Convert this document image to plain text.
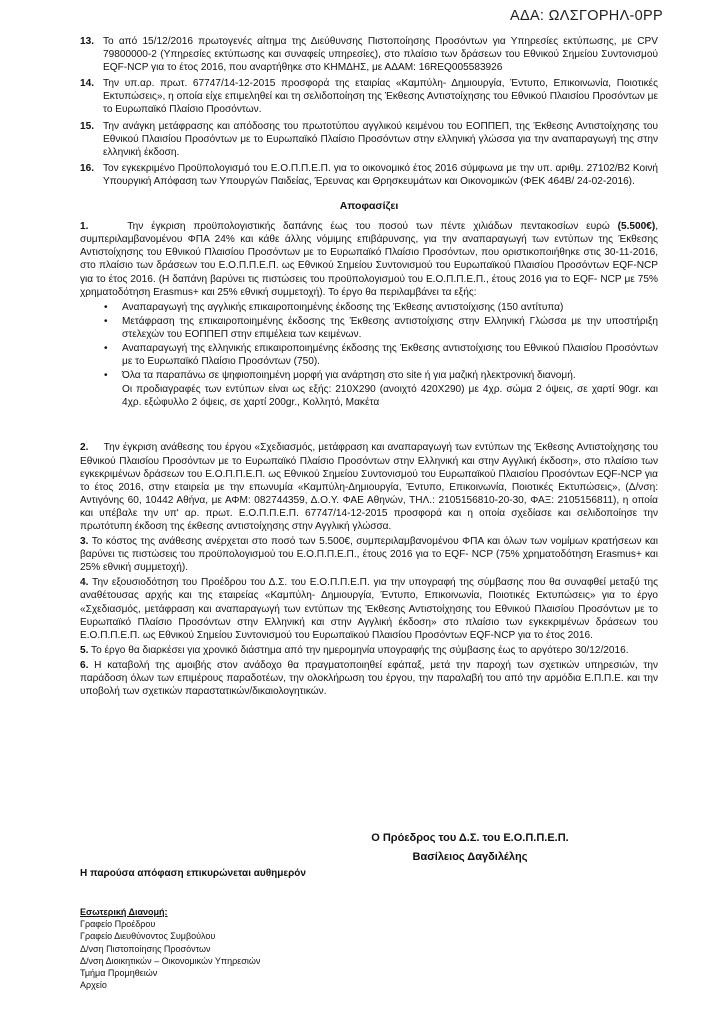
ΑΔΑ: ΩΛΣΓΟΡΗΛ-0ΡΡ
13. Το από 15/12/2016 πρωτογενές αίτημα της Διεύθυνσης Πιστοποίησης Προσόντων για Υπηρεσίες εκτύπωσης, με CPV 79800000-2 (Υπηρεσίες εκτύπωσης και συναφείς υπηρεσίες), στο πλαίσιο των δράσεων του Εθνικού Σημείου Συντονισμού EQF-NCP για το έτος 2016, που αναρτήθηκε στο ΚΗΜΔΗΣ, με ΑΔΑΜ: 16REQ005583926
14. Την υπ.αρ. πρωτ. 67747/14-12-2015 προσφορά της εταιρίας «Καμπύλη- Δημιουργία, Έντυπο, Επικοινωνία, Ποιοτικές Εκτυπώσεις», η οποία είχε επιμεληθεί και τη σελιδοποίηση της Έκθεσης Αντιστοίχησης του Εθνικού Πλαισίου Προσόντων με το Ευρωπαϊκό Πλαίσιο Προσόντων.
15. Την ανάγκη μετάφρασης και απόδοσης του πρωτοτύπου αγγλικού κειμένου του ΕΟΠΠΕΠ, της Έκθεσης Αντιστοίχησης του Εθνικού Πλαισίου Προσόντων με το Ευρωπαϊκό Πλαίσιο Προσόντων στην ελληνική γλώσσα για την αναπαραγωγή της στην ελληνική έκδοση.
16. Τον εγκεκριμένο Προϋπολογισμό του Ε.Ο.Π.Π.Ε.Π. για το οικονομικό έτος 2016 σύμφωνα με την υπ. αριθμ. 27102/Β2 Κοινή Υπουργική Απόφαση των Υπουργών Παιδείας, Έρευνας και Θρησκευμάτων και Οικονομικών (ΦΕΚ 464Β/ 24-02-2016).
Αποφασίζει
1.	Την έγκριση προϋπολογιστικής δαπάνης έως του ποσού των πέντε χιλιάδων πεντακοσίων ευρώ (5.500€), συμπεριλαμβανομένου ΦΠΑ 24% και κάθε άλλης νόμιμης επιβάρυνσης, για την αναπαραγωγή των εντύπων της Έκθεσης Αντιστοίχησης του Εθνικού Πλαισίου Προσόντων με το Ευρωπαϊκό Πλαίσιο Προσόντων, που οριστικοποιήθηκε στις 30-11-2016, στο πλαίσιο των δράσεων του Ε.Ο.Π.Π.Ε.Π. ως Εθνικού Σημείου Συντονισμού του Ευρωπαϊκού Πλαισίου Προσόντων EQF-NCP για το έτος 2016. (Η δαπάνη βαρύνει τις πιστώσεις του προϋπολογισμού του Ε.Ο.Π.Π.Ε.Π., έτους 2016 για το EQF- NCP με 75% χρηματοδότηση Erasmus+ και 25% εθνική συμμετοχή). Το έργο θα περιλαμβάνει τα εξής:
• Αναπαραγωγή της αγγλικής επικαιροποιημένης έκδοσης της Έκθεσης αντιστοίχισης (150 αντίτυπα)
• Μετάφραση της επικαιροποιημένης έκδοσης της Έκθεσης αντιστοίχισης στην Ελληνική Γλώσσα με την υποστήριξη στελεχών του ΕΟΠΠΕΠ στην επιμέλεια των κειμένων.
• Αναπαραγωγή της ελληνικής επικαιροποιημένης έκδοσης της Έκθεσης αντιστοίχισης του Εθνικού Πλαισίου Προσόντων με το Ευρωπαϊκό Πλαίσιο Προσόντων (750).
• Όλα τα παραπάνω σε ψηφιοποιημένη μορφή για ανάρτηση στο site ή για μαζική ηλεκτρονική διανομή.
Οι προδιαγραφές των εντύπων είναι ως εξής: 210Χ290 (ανοιχτό 420Χ290) με 4χρ. σώμα 2 όψεις, σε χαρτί 90gr. και 4χρ. εξώφυλλο 2 όψεις, σε χαρτί 200gr., Κολλητό, Μακέτα
2. Την έγκριση ανάθεσης του έργου «Σχεδιασμός, μετάφραση και αναπαραγωγή των εντύπων της Έκθεσης Αντιστοίχησης του Εθνικού Πλαισίου Προσόντων με το Ευρωπαϊκό Πλαίσιο Προσόντων στην Ελληνική και στην Αγγλική έκδοση», στο πλαίσιο των εγκεκριμένων δράσεων του Ε.Ο.Π.Π.Ε.Π. ως Εθνικού Σημείου Συντονισμού του Ευρωπαϊκού Πλαισίου Προσόντων EQF-NCP για το έτος 2016, στην εταιρεία με την επωνυμία «Καμπύλη-Δημιουργία, Έντυπο, Επικοινωνία, Ποιοτικές Εκτυπώσεις», (Δ/νση: Αντιγόνης 60, 10442 Αθήνα, με ΑΦΜ: 082744359, Δ.Ο.Υ. ΦΑΕ Αθηνών, ΤΗΛ.: 2105156810-20-30, ΦΑΞ: 2105156811), η οποία και υπέβαλε την υπ' αρ. πρωτ. Ε.Ο.Π.Π.Ε.Π. 67747/14-12-2015 προσφορά και η οποία σχεδίασε και σελιδοποίησε την πρωτότυπη έκδοση της έκθεσης αντιστοίχησης στην Αγγλική γλώσσα.
3. Το κόστος της ανάθεσης ανέρχεται στο ποσό των 5.500€, συμπεριλαμβανομένου ΦΠΑ και όλων των νομίμων κρατήσεων και βαρύνει τις πιστώσεις του προϋπολογισμού του Ε.Ο.Π.Π.Ε.Π., έτους 2016 για το EQF- NCP (75% χρηματοδότηση Erasmus+ και 25% εθνική συμμετοχή).
4. Την εξουσιοδότηση του Προέδρου του Δ.Σ. του Ε.Ο.Π.Π.Ε.Π. για την υπογραφή της σύμβασης που θα συναφθεί μεταξύ της αναθέτουσας αρχής και της εταιρείας «Καμπύλη- Δημιουργία, Έντυπο, Επικοινωνία, Ποιοτικές Εκτυπώσεις» για το έργο «Σχεδιασμός, μετάφραση και αναπαραγωγή των εντύπων της Έκθεσης Αντιστοίχησης του Εθνικού Πλαισίου Προσόντων με το Ευρωπαϊκό Πλαίσιο Προσόντων στην Ελληνική και στην Αγγλική έκδοση» στο πλαίσιο των εγκεκριμένων δράσεων του Ε.Ο.Π.Π.Ε.Π. ως Εθνικού Σημείου Συντονισμού του Ευρωπαϊκού Πλαισίου Προσόντων EQF-NCP για το έτος 2016.
5. Το έργο θα διαρκέσει για χρονικό διάστημα από την ημερομηνία υπογραφής της σύμβασης έως το αργότερο 30/12/2016.
6. Η καταβολή της αμοιβής στον ανάδοχο θα πραγματοποιηθεί εφάπαξ, μετά την παροχή των σχετικών υπηρεσιών, την παράδοση όλων των επιμέρους παραδοτέων, την ολοκλήρωση του έργου, την παραλαβή του από την αρμόδια Ε.Π.Π.Ε. και την υποβολή των σχετικών παραστατικών/δικαιολογητικών.
Ο Πρόεδρος του Δ.Σ. του Ε.Ο.Π.Π.Ε.Π.
Βασίλειος Δαγδιλέλης
Η παρούσα απόφαση επικυρώνεται αυθημερόν
Εσωτερική Διανομή:
Γραφείο Προέδρου
Γραφείο Διευθύνοντος Συμβούλου
Δ/νση Πιστοποίησης Προσόντων
Δ/νση Διοικητικών – Οικονομικών Υπηρεσιών
Τμήμα Προμηθειών
Αρχείο
